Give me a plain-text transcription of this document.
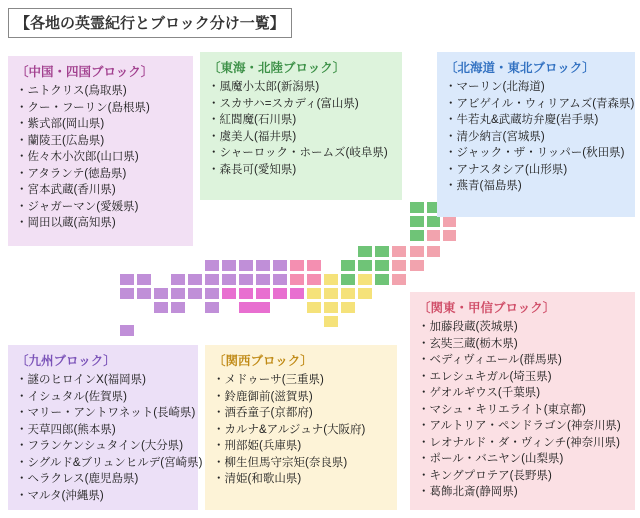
【各地の英霊紀行とブロック分け一覧】
〔中国・四国ブロック〕
・ ニトクリス(鳥取県)
・ クー・フーリン(島根県)
・ 紫式部(岡山県)
・ 蘭陵王(広島県)
・ 佐々木小次郎(山口県)
・ アタランテ(徳島県)
・ 宮本武蔵(香川県)
・ ジャガーマン(愛媛県)
・ 岡田以蔵(高知県)
〔東海・北陸ブロック〕
・ 風魔小太郎(新潟県)
・ スカサハ=スカディ(富山県)
・ 紅閻魔(石川県)
・ 虞美人(福井県)
・ シャーロック・ホームズ(岐阜県)
・ 森長可(愛知県)
〔北海道・東北ブロック〕
・ マーリン(北海道)
・ アビゲイル・ウィリアムズ(青森県)
・ 牛若丸&武蔵坊弁慶(岩手県)
・ 清少納言(宮城県)
・ ジャック・ザ・リッパー(秋田県)
・ アナスタシア(山形県)
・ 燕青(福島県)
〔関東・甲信ブロック〕
・ 加藤段蔵(茨城県)
・ 玄奘三蔵(栃木県)
・ ベディヴィエール(群馬県)
・ エレシュキガル(埼玉県)
・ ゲオルギウス(千葉県)
・ マシュ・キリエライト(東京都)
・ アルトリア・ペンドラゴン(神奈川県)
・ レオナルド・ダ・ヴィンチ(神奈川県)
・ ポール・バニヤン(山梨県)
・ キングプロテア(長野県)
・ 葛飾北斎(静岡県)
〔九州ブロック〕
・ 謎のヒロインX(福岡県)
・ イシュタル(佐賀県)
・ マリー・アントワネット(長崎県)
・ 天草四郎(熊本県)
・ フランケンシュタイン(大分県)
・ シグルド&ブリュンヒルデ(宮崎県)
・ ヘラクレス(鹿児島県)
・ マルタ(沖縄県)
〔関西ブロック〕
・ メドゥーサ(三重県)
・ 鈴鹿御前(滋賀県)
・ 酒呑童子(京都府)
・ カルナ&アルジュナ(大阪府)
・ 刑部姫(兵庫県)
・ 柳生但馬守宗矩(奈良県)
・ 清姫(和歌山県)
